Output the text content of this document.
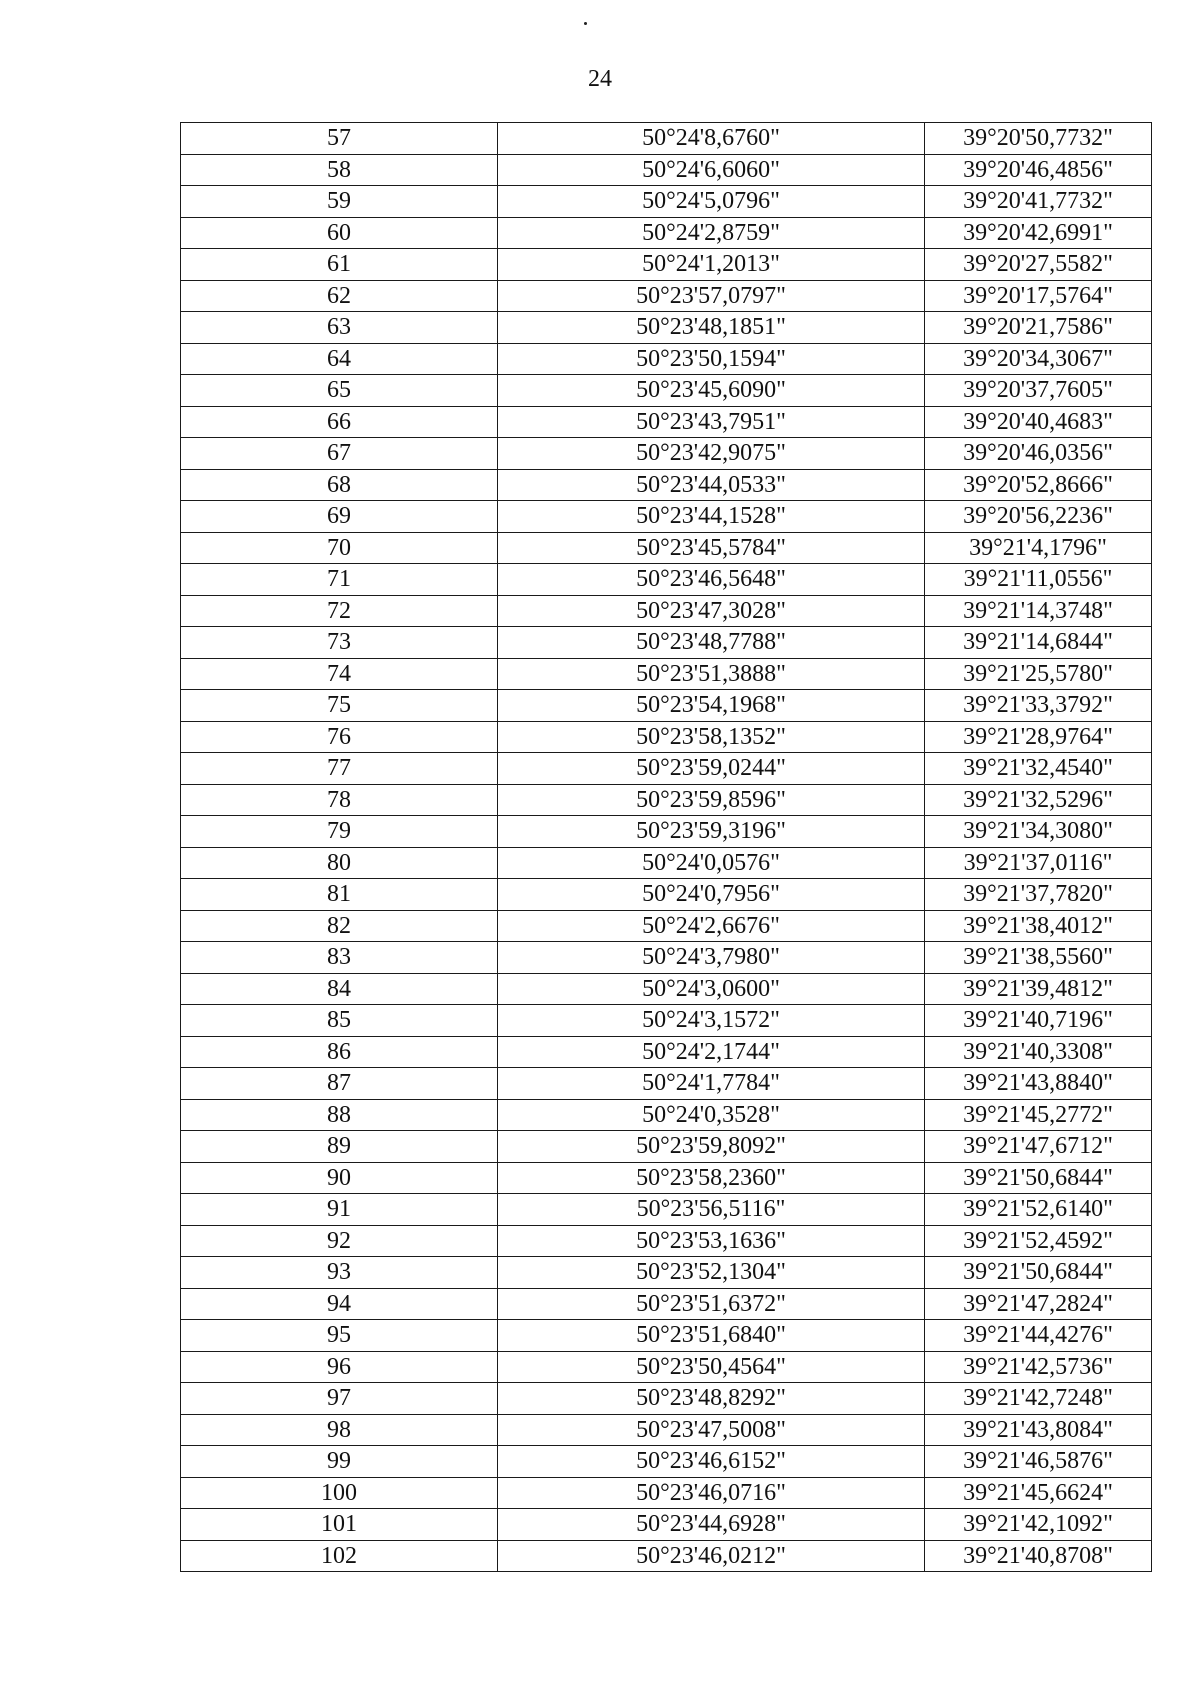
24
57	50°24'8,6760"	39°20'50,7732"
58	50°24'6,6060"	39°20'46,4856"
59	50°24'5,0796"	39°20'41,7732"
60	50°24'2,8759"	39°20'42,6991"
61	50°24'1,2013"	39°20'27,5582"
62	50°23'57,0797"	39°20'17,5764"
63	50°23'48,1851"	39°20'21,7586"
64	50°23'50,1594"	39°20'34,3067"
65	50°23'45,6090"	39°20'37,7605"
66	50°23'43,7951"	39°20'40,4683"
67	50°23'42,9075"	39°20'46,0356"
68	50°23'44,0533"	39°20'52,8666"
69	50°23'44,1528"	39°20'56,2236"
70	50°23'45,5784"	39°21'4,1796"
71	50°23'46,5648"	39°21'11,0556"
72	50°23'47,3028"	39°21'14,3748"
73	50°23'48,7788"	39°21'14,6844"
74	50°23'51,3888"	39°21'25,5780"
75	50°23'54,1968"	39°21'33,3792"
76	50°23'58,1352"	39°21'28,9764"
77	50°23'59,0244"	39°21'32,4540"
78	50°23'59,8596"	39°21'32,5296"
79	50°23'59,3196"	39°21'34,3080"
80	50°24'0,0576"	39°21'37,0116"
81	50°24'0,7956"	39°21'37,7820"
82	50°24'2,6676"	39°21'38,4012"
83	50°24'3,7980"	39°21'38,5560"
84	50°24'3,0600"	39°21'39,4812"
85	50°24'3,1572"	39°21'40,7196"
86	50°24'2,1744"	39°21'40,3308"
87	50°24'1,7784"	39°21'43,8840"
88	50°24'0,3528"	39°21'45,2772"
89	50°23'59,8092"	39°21'47,6712"
90	50°23'58,2360"	39°21'50,6844"
91	50°23'56,5116"	39°21'52,6140"
92	50°23'53,1636"	39°21'52,4592"
93	50°23'52,1304"	39°21'50,6844"
94	50°23'51,6372"	39°21'47,2824"
95	50°23'51,6840"	39°21'44,4276"
96	50°23'50,4564"	39°21'42,5736"
97	50°23'48,8292"	39°21'42,7248"
98	50°23'47,5008"	39°21'43,8084"
99	50°23'46,6152"	39°21'46,5876"
100	50°23'46,0716"	39°21'45,6624"
101	50°23'44,6928"	39°21'42,1092"
102	50°23'46,0212"	39°21'40,8708"
